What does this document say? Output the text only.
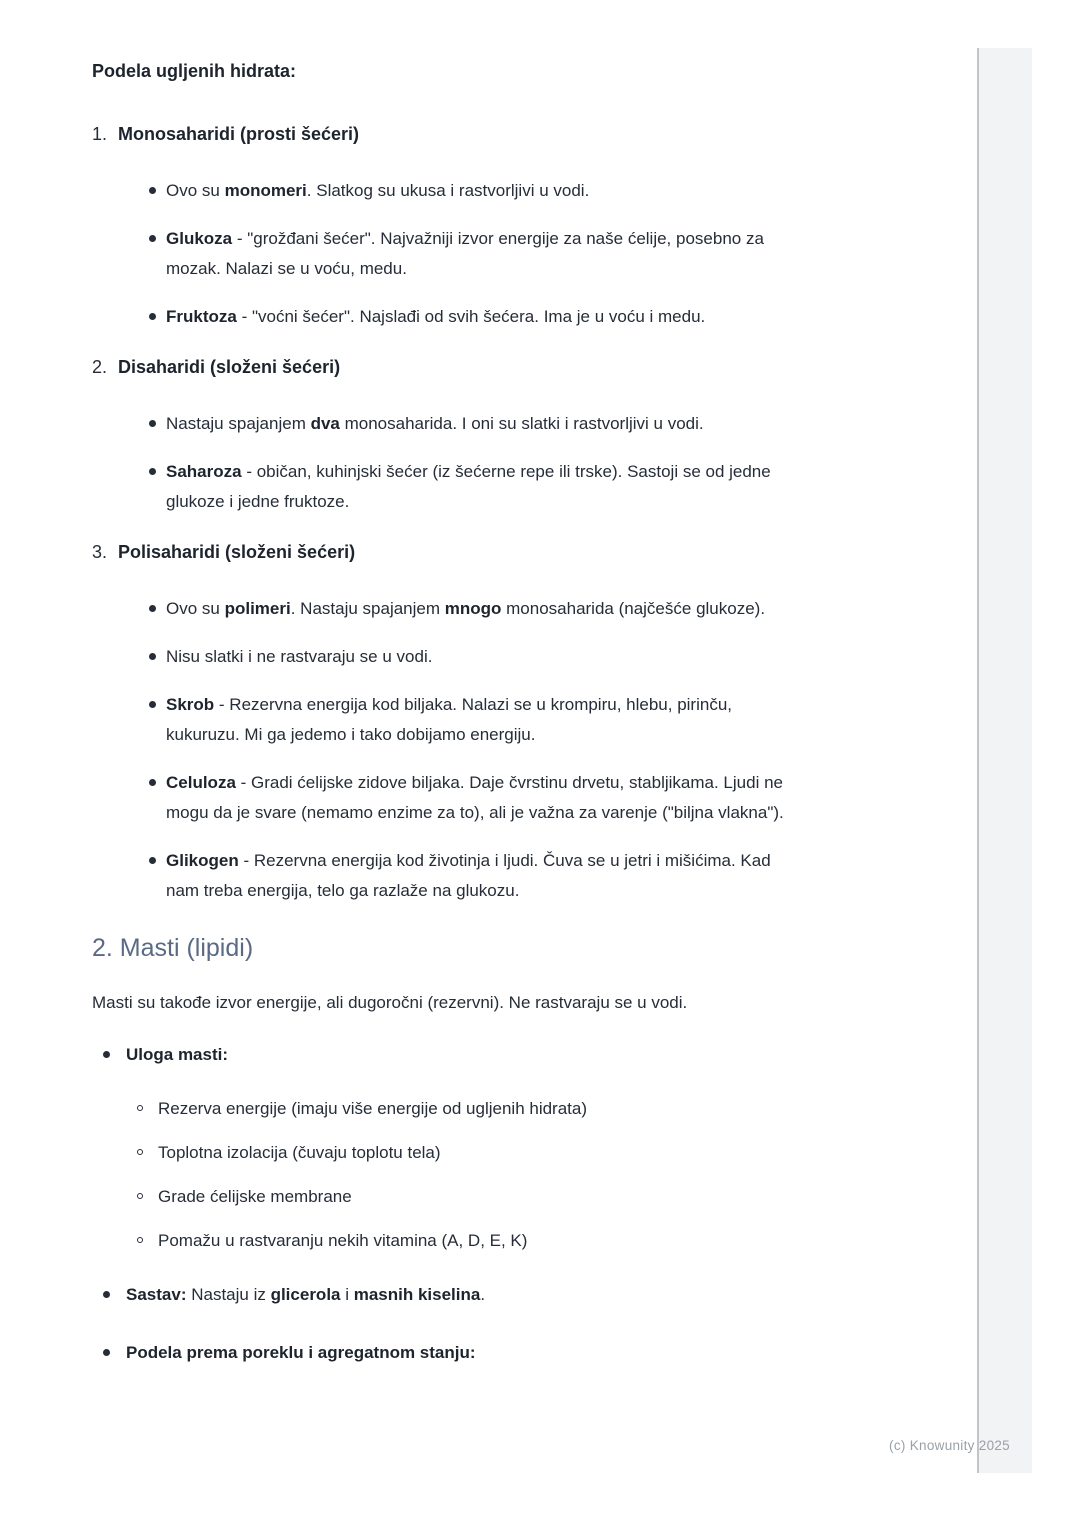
Podela ugljenih hidrata:
1. Monosaharidi (prosti šećeri)
Ovo su monomeri. Slatkog su ukusa i rastvorljivi u vodi.
Glukoza - "grožđani šećer". Najvažniji izvor energije za naše ćelije, posebno za mozak. Nalazi se u voću, medu.
Fruktoza - "voćni šećer". Najslađi od svih šećera. Ima je u voću i medu.
2. Disaharidi (složeni šećeri)
Nastaju spajanjem dva monosaharida. I oni su slatki i rastvorljivi u vodi.
Saharoza - običan, kuhinjski šećer (iz šećerne repe ili trske). Sastoji se od jedne glukoze i jedne fruktoze.
3. Polisaharidi (složeni šećeri)
Ovo su polimeri. Nastaju spajanjem mnogo monosaharida (najčešće glukoze).
Nisu slatki i ne rastvaraju se u vodi.
Skrob - Rezervna energija kod biljaka. Nalazi se u krompiru, hlebu, pirinču, kukuruzu. Mi ga jedemo i tako dobijamo energiju.
Celuloza - Gradi ćelijske zidove biljaka. Daje čvrstinu drvetu, stabljikama. Ljudi ne mogu da je svare (nemamo enzime za to), ali je važna za varenje ("biljna vlakna").
Glikogen - Rezervna energija kod životinja i ljudi. Čuva se u jetri i mišićima. Kad nam treba energija, telo ga razlaže na glukozu.
2. Masti (lipidi)
Masti su takođe izvor energije, ali dugoročni (rezervni). Ne rastvaraju se u vodi.
Uloga masti:
Rezerva energije (imaju više energije od ugljenih hidrata)
Toplotna izolacija (čuvaju toplotu tela)
Grade ćelijske membrane
Pomažu u rastvaranju nekih vitamina (A, D, E, K)
Sastav: Nastaju iz glicerola i masnih kiselina.
Podela prema poreklu i agregatnom stanju:
(c) Knowunity 2025
